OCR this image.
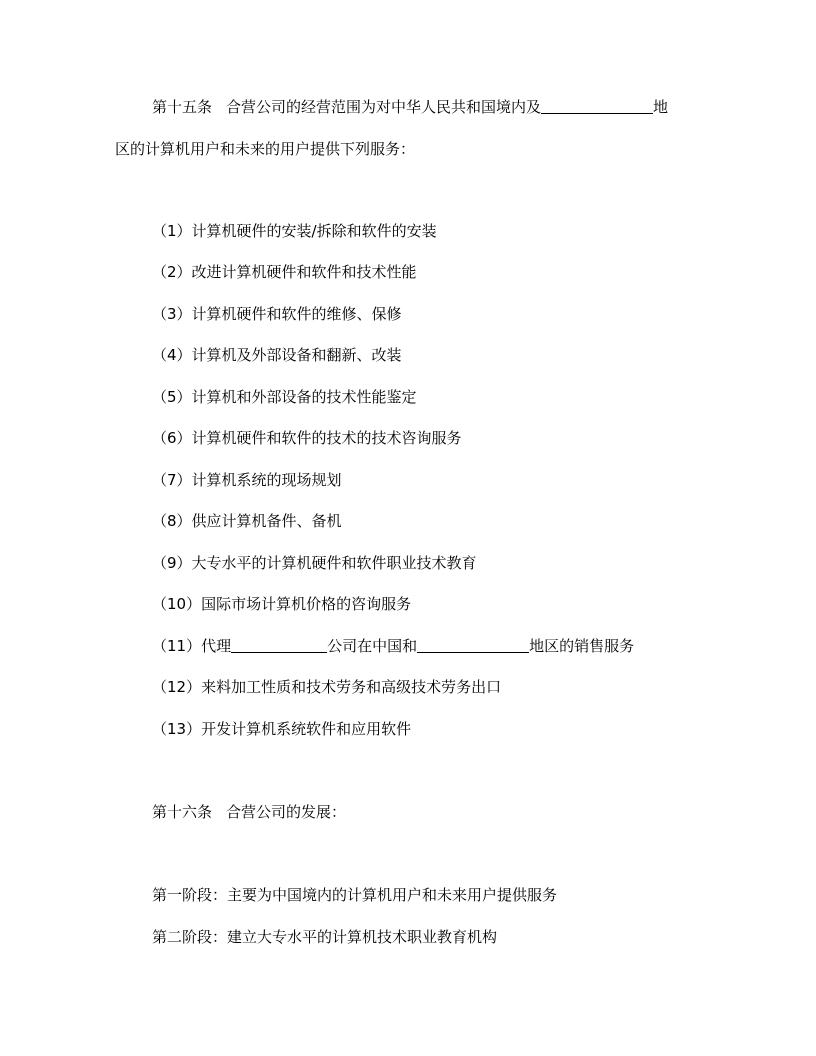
第十五条 合营公司的经营范围为对中华人民共和国境内及	地
区的计算机用户和未来的用户提供下列服务：
（1）计算机硬件的安装/拆除和软件的安装
（2）改进计算机硬件和软件和技术性能
（3）计算机硬件和软件的维修、保修
（4）计算机及外部设备和翻新、改装
（5）计算机和外部设备的技术性能鉴定
（6）计算机硬件和软件的技术的技术咨询服务
（7）计算机系统的现场规划
（8）供应计算机备件、备机
（9）大专水平的计算机硬件和软件职业技术教育
（10）国际市场计算机价格的咨询服务
（11）代理	公司在中国和	地区的销售服务
（12）来料加工性质和技术劳务和高级技术劳务出口
（13）开发计算机系统软件和应用软件
第十六条 合营公司的发展：
第一阶段：主要为中国境内的计算机用户和未来用户提供服务
第二阶段：建立大专水平的计算机技术职业教育机构
